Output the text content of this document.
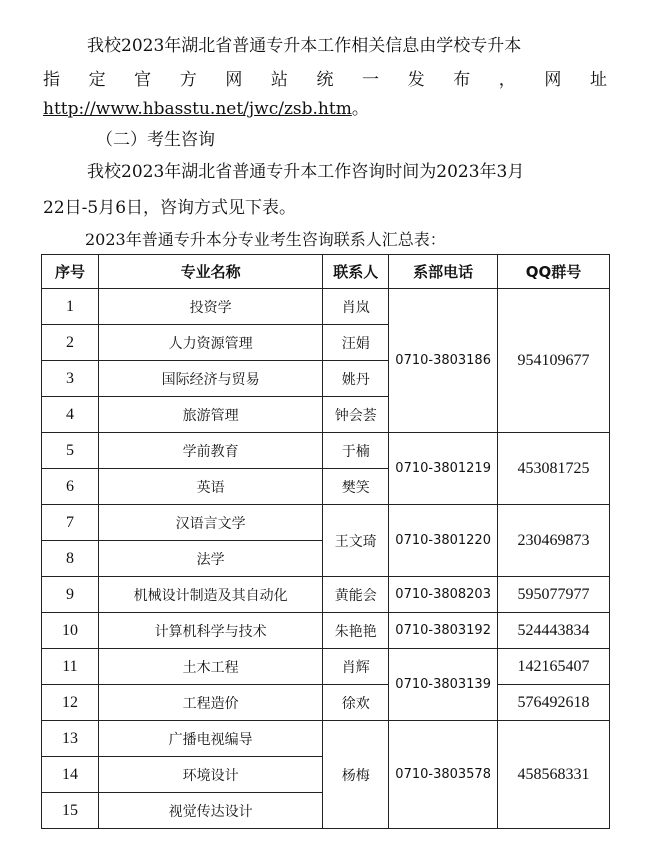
我校2023年湖北省普通专升本工作相关信息由学校专升本

指 定 官 方 网 站 统 一 发 布 ， 网 址

http://www.hbasstu.net/jwc/zsb.htm。

（二）考生咨询

我校2023年湖北省普通专升本工作咨询时间为2023年3月

22日-5月6日，咨询方式见下表。

2023年普通专升本分专业考生咨询联系人汇总表：
序号	专业名称	联系人	系部电话	QQ群号
1	投资学	肖岚	0710-3803186	954109677
2	人力资源管理	汪娟		
3	国际经济与贸易	姚丹		
4	旅游管理	钟会荟		
5	学前教育	于楠	0710-3801219	453081725
6	英语	樊笑		
7	汉语言文学	王文琦	0710-3801220	230469873
8	法学			
9	机械设计制造及其自动化	黄能会	0710-3808203	595077977
10	计算机科学与技术	朱艳艳	0710-3803192	524443834
11	土木工程	肖辉	0710-3803139	142165407
12	工程造价	徐欢		576492618
13	广播电视编导	杨梅	0710-3803578	458568331
14	环境设计			
15	视觉传达设计			
